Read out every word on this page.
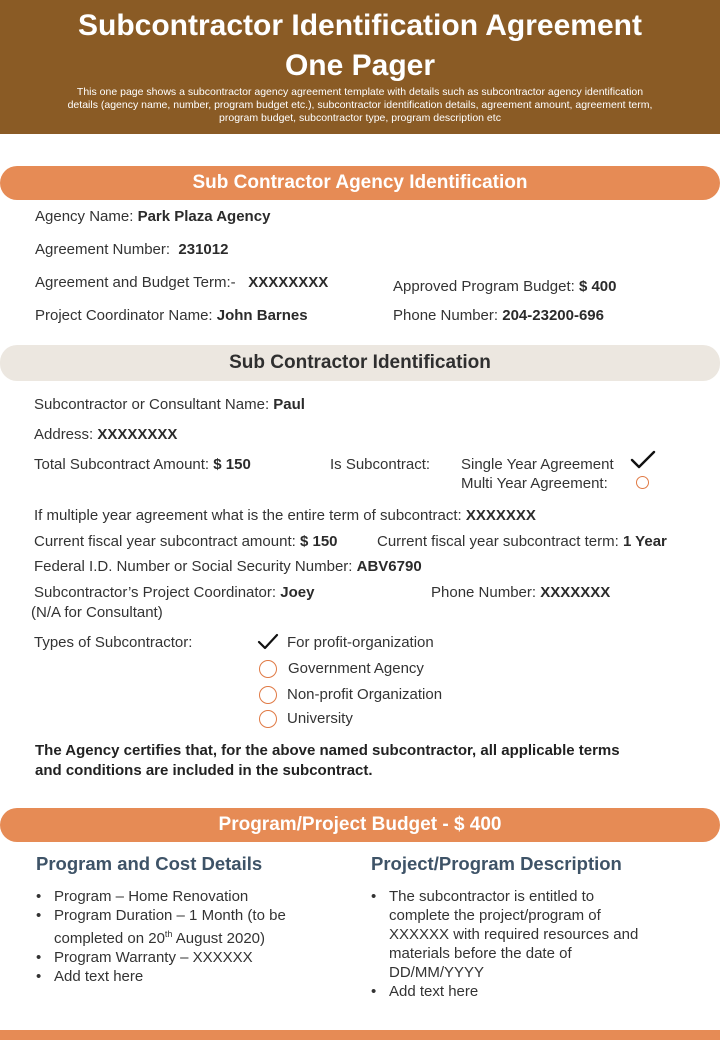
Subcontractor Identification Agreement
One Pager
This one page shows a subcontractor agency agreement template with details such as subcontractor agency identification
details (agency name, number, program budget etc.), subcontractor identification details, agreement amount, agreement term,
program budget, subcontractor type, program description etc
Sub Contractor Agency Identification
Agency Name: Park Plaza Agency
Agreement Number: 231012
Agreement and Budget Term:- XXXXXXXX	Approved Program Budget: $ 400
Project Coordinator Name: John Barnes	Phone Number: 204-23200-696
Sub Contractor Identification
Subcontractor or Consultant Name: Paul
Address: XXXXXXXX
Total Subcontract Amount: $ 150	Is Subcontract: Single Year Agreement
Multi Year Agreement:
If multiple year agreement what is the entire term of subcontract: XXXXXXX
Current fiscal year subcontract amount: $ 150	Current fiscal year subcontract term: 1 Year
Federal I.D. Number or Social Security Number: ABV6790
Subcontractor’s Project Coordinator: Joey
(N/A for Consultant)
Phone Number: XXXXXXX
Types of Subcontractor:	For profit-organization
Government Agency
Non-profit Organization
University
The Agency certifies that, for the above named subcontractor, all applicable terms
and conditions are included in the subcontract.
Program/Project Budget - $ 400
Program and Cost Details
• Program – Home Renovation
• Program Duration – 1 Month (to be
completed on 20th August 2020)
• Program Warranty – XXXXXX
• Add text here
Project/Program Description
• The subcontractor is entitled to
complete the project/program of
XXXXXX with required resources and
materials before the date of
DD/MM/YYYY
• Add text here
